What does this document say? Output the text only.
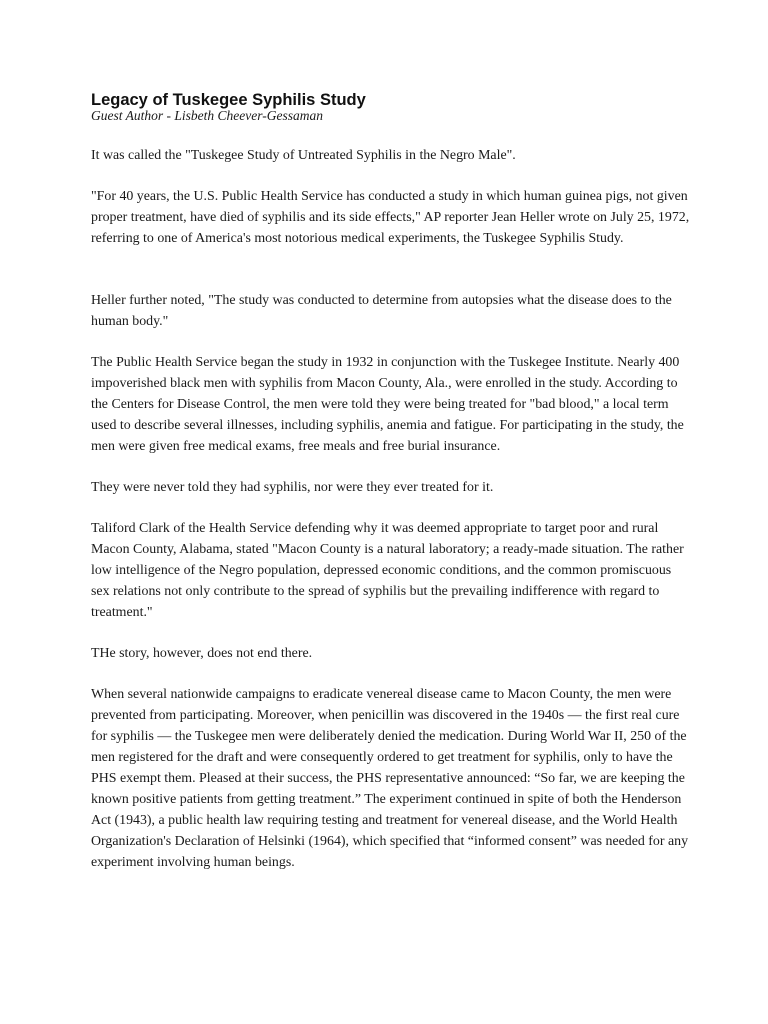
Legacy of Tuskegee Syphilis Study

Guest Author - Lisbeth Cheever-Gessaman

It was called the "Tuskegee Study of Untreated Syphilis in the Negro Male".

"For 40 years, the U.S. Public Health Service has conducted a study in which human guinea pigs, not given proper treatment, have died of syphilis and its side effects," AP reporter Jean Heller wrote on July 25, 1972, referring to one of America's most notorious medical experiments, the Tuskegee Syphilis Study.

Heller further noted, "The study was conducted to determine from autopsies what the disease does to the human body."

The Public Health Service began the study in 1932 in conjunction with the Tuskegee Institute. Nearly 400 impoverished black men with syphilis from Macon County, Ala., were enrolled in the study. According to the Centers for Disease Control, the men were told they were being treated for "bad blood," a local term used to describe several illnesses, including syphilis, anemia and fatigue. For participating in the study, the men were given free medical exams, free meals and free burial insurance.

They were never told they had syphilis, nor were they ever treated for it.

Taliford Clark of the Health Service defending why it was deemed appropriate to target poor and rural Macon County, Alabama, stated "Macon County is a natural laboratory; a ready-made situation. The rather low intelligence of the Negro population, depressed economic conditions, and the common promiscuous sex relations not only contribute to the spread of syphilis but the prevailing indifference with regard to treatment."

THe story, however, does not end there.

When several nationwide campaigns to eradicate venereal disease came to Macon County, the men were prevented from participating. Moreover, when penicillin was discovered in the 1940s — the first real cure for syphilis — the Tuskegee men were deliberately denied the medication. During World War II, 250 of the men registered for the draft and were consequently ordered to get treatment for syphilis, only to have the PHS exempt them. Pleased at their success, the PHS representative announced: “So far, we are keeping the known positive patients from getting treatment.” The experiment continued in spite of both the Henderson Act (1943), a public health law requiring testing and treatment for venereal disease, and the World Health Organization's Declaration of Helsinki (1964), which specified that “informed consent” was needed for any experiment involving human beings.
